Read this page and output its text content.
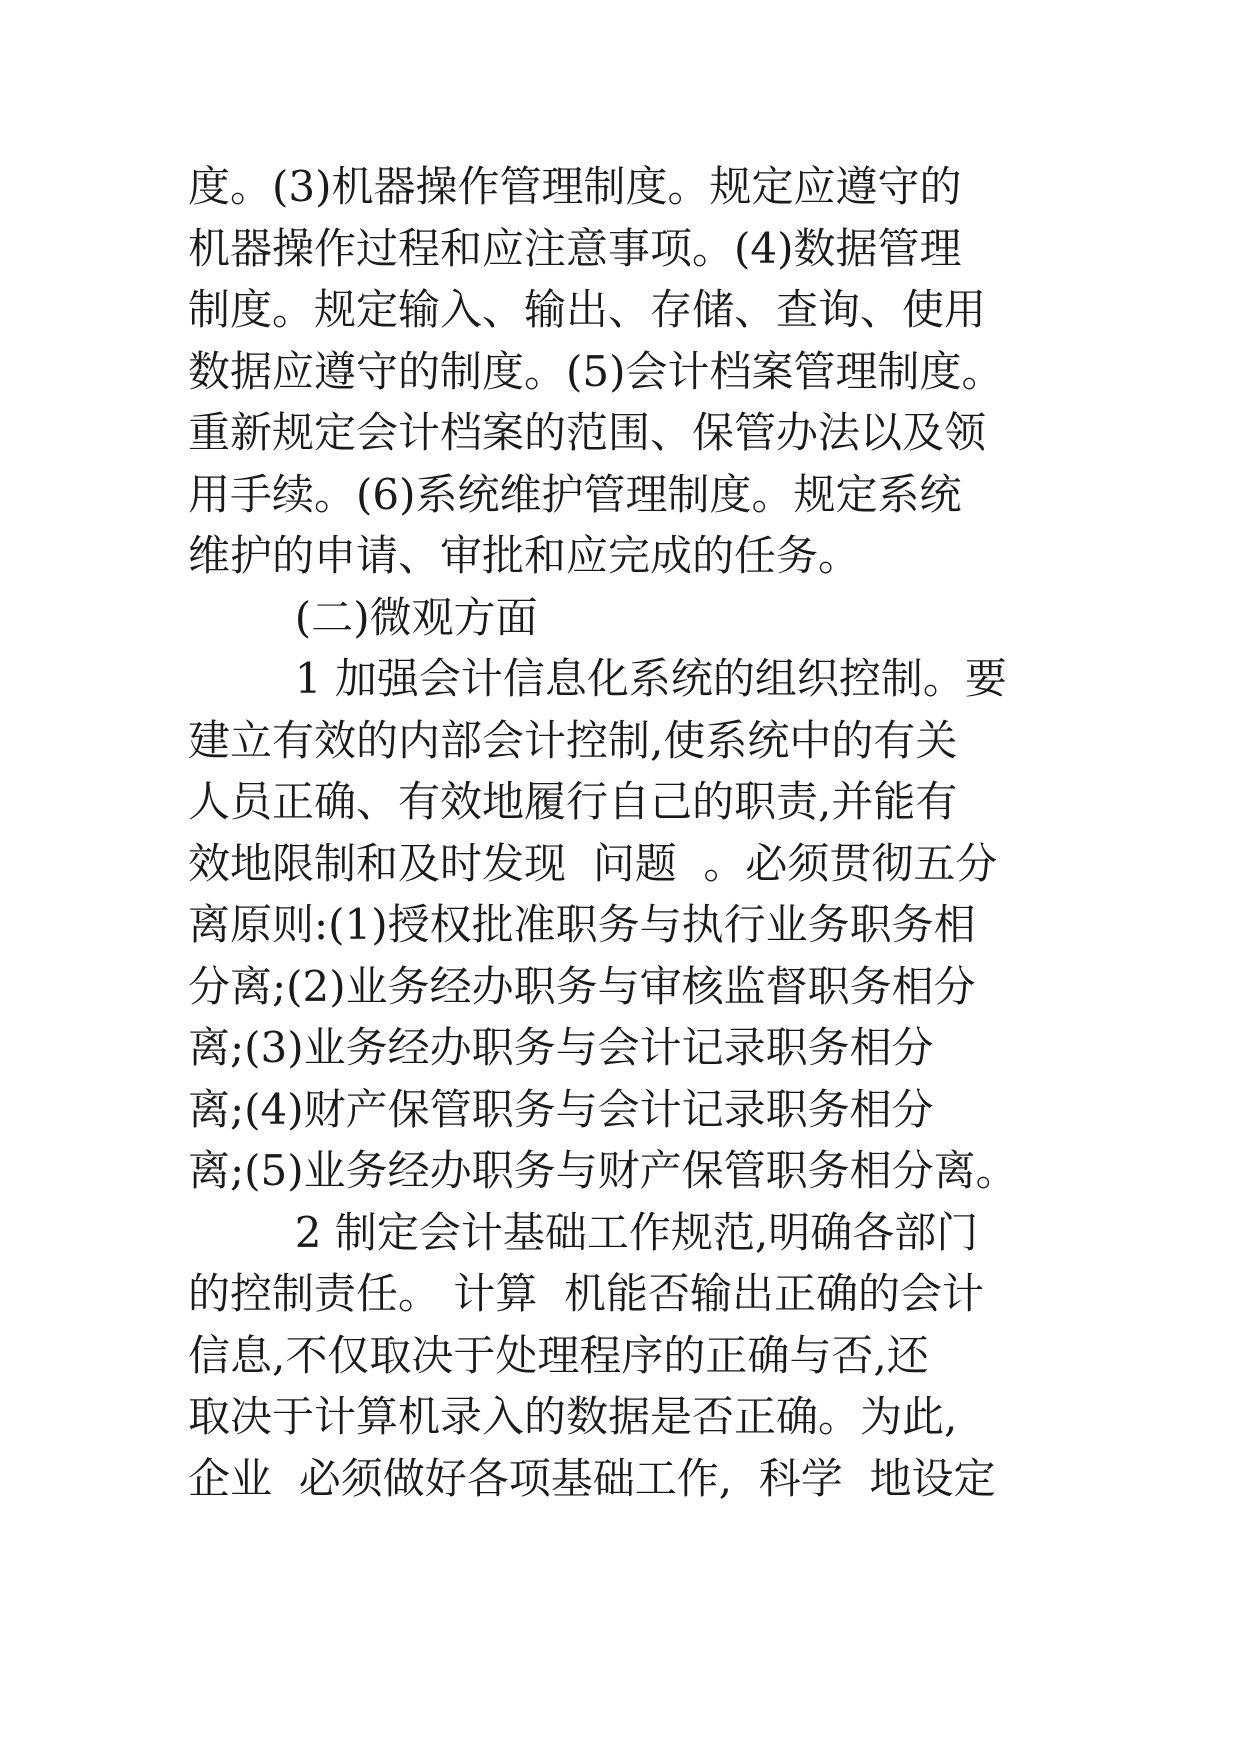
度。(3)机器操作管理制度。规定应遵守的
机器操作过程和应注意事项。(4)数据管理
制度。规定输入、输出、存储、查询、使用
数据应遵守的制度。(5)会计档案管理制度。
重新规定会计档案的范围、保管办法以及领
用手续。(6)系统维护管理制度。规定系统
维护的申请、审批和应完成的任务。
(二)微观方面
1 加强会计信息化系统的组织控制。要
建立有效的内部会计控制,使系统中的有关
人员正确、有效地履行自己的职责,并能有
效地限制和及时发现  问题  。必须贯彻五分
离原则:(1)授权批准职务与执行业务职务相
分离;(2)业务经办职务与审核监督职务相分
离;(3)业务经办职务与会计记录职务相分
离;(4)财产保管职务与会计记录职务相分
离;(5)业务经办职务与财产保管职务相分离。
2 制定会计基础工作规范,明确各部门
的控制责任。 计算  机能否输出正确的会计
信息,不仅取决于处理程序的正确与否,还
取决于计算机录入的数据是否正确。为此,
企业  必须做好各项基础工作,  科学  地设定
